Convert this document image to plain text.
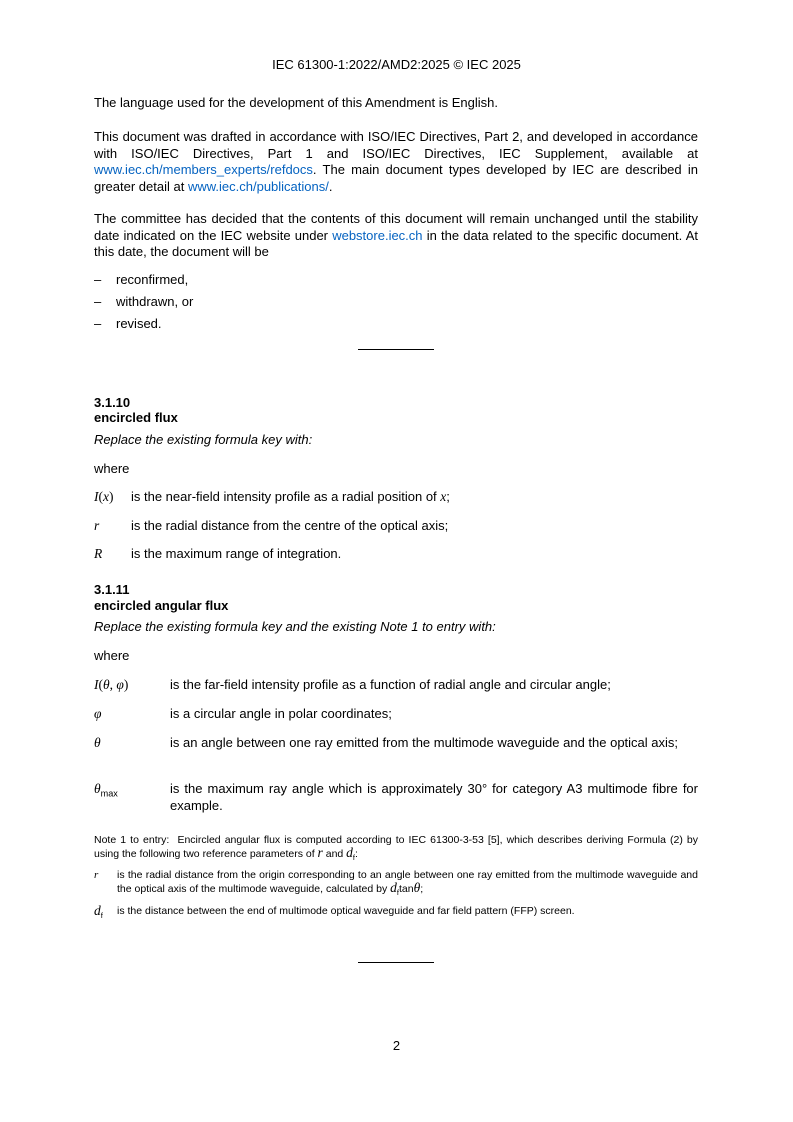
IEC 61300-1:2022/AMD2:2025 © IEC 2025
The language used for the development of this Amendment is English.
This document was drafted in accordance with ISO/IEC Directives, Part 2, and developed in accordance with ISO/IEC Directives, Part 1 and ISO/IEC Directives, IEC Supplement, available at www.iec.ch/members_experts/refdocs. The main document types developed by IEC are described in greater detail at www.iec.ch/publications/.
The committee has decided that the contents of this document will remain unchanged until the stability date indicated on the IEC website under webstore.iec.ch in the data related to the specific document. At this date, the document will be
– reconfirmed,
– withdrawn, or
– revised.
3.1.10
encircled flux
Replace the existing formula key with:
where
I(x) is the near-field intensity profile as a radial position of x;
r is the radial distance from the centre of the optical axis;
R is the maximum range of integration.
3.1.11
encircled angular flux
Replace the existing formula key and the existing Note 1 to entry with:
where
I(θ, φ)	is the far-field intensity profile as a function of radial angle and circular angle;
φ	is a circular angle in polar coordinates;
θ	is an angle between one ray emitted from the multimode waveguide and the optical axis;
$\theta_{max}$	is the maximum ray angle which is approximately 30° for category A3 multimode fibre for example.
Note 1 to entry: Encircled angular flux is computed according to IEC 61300-3-53 [5], which describes deriving Formula (2) by using the following two reference parameters of r and $d_f$:
r is the radial distance from the origin corresponding to an angle between one ray emitted from the multimode waveguide and the optical axis of the multimode waveguide, calculated by $d_f\tan\theta$;
$d_f$ is the distance between the end of multimode optical waveguide and far field pattern (FFP) screen.
2
